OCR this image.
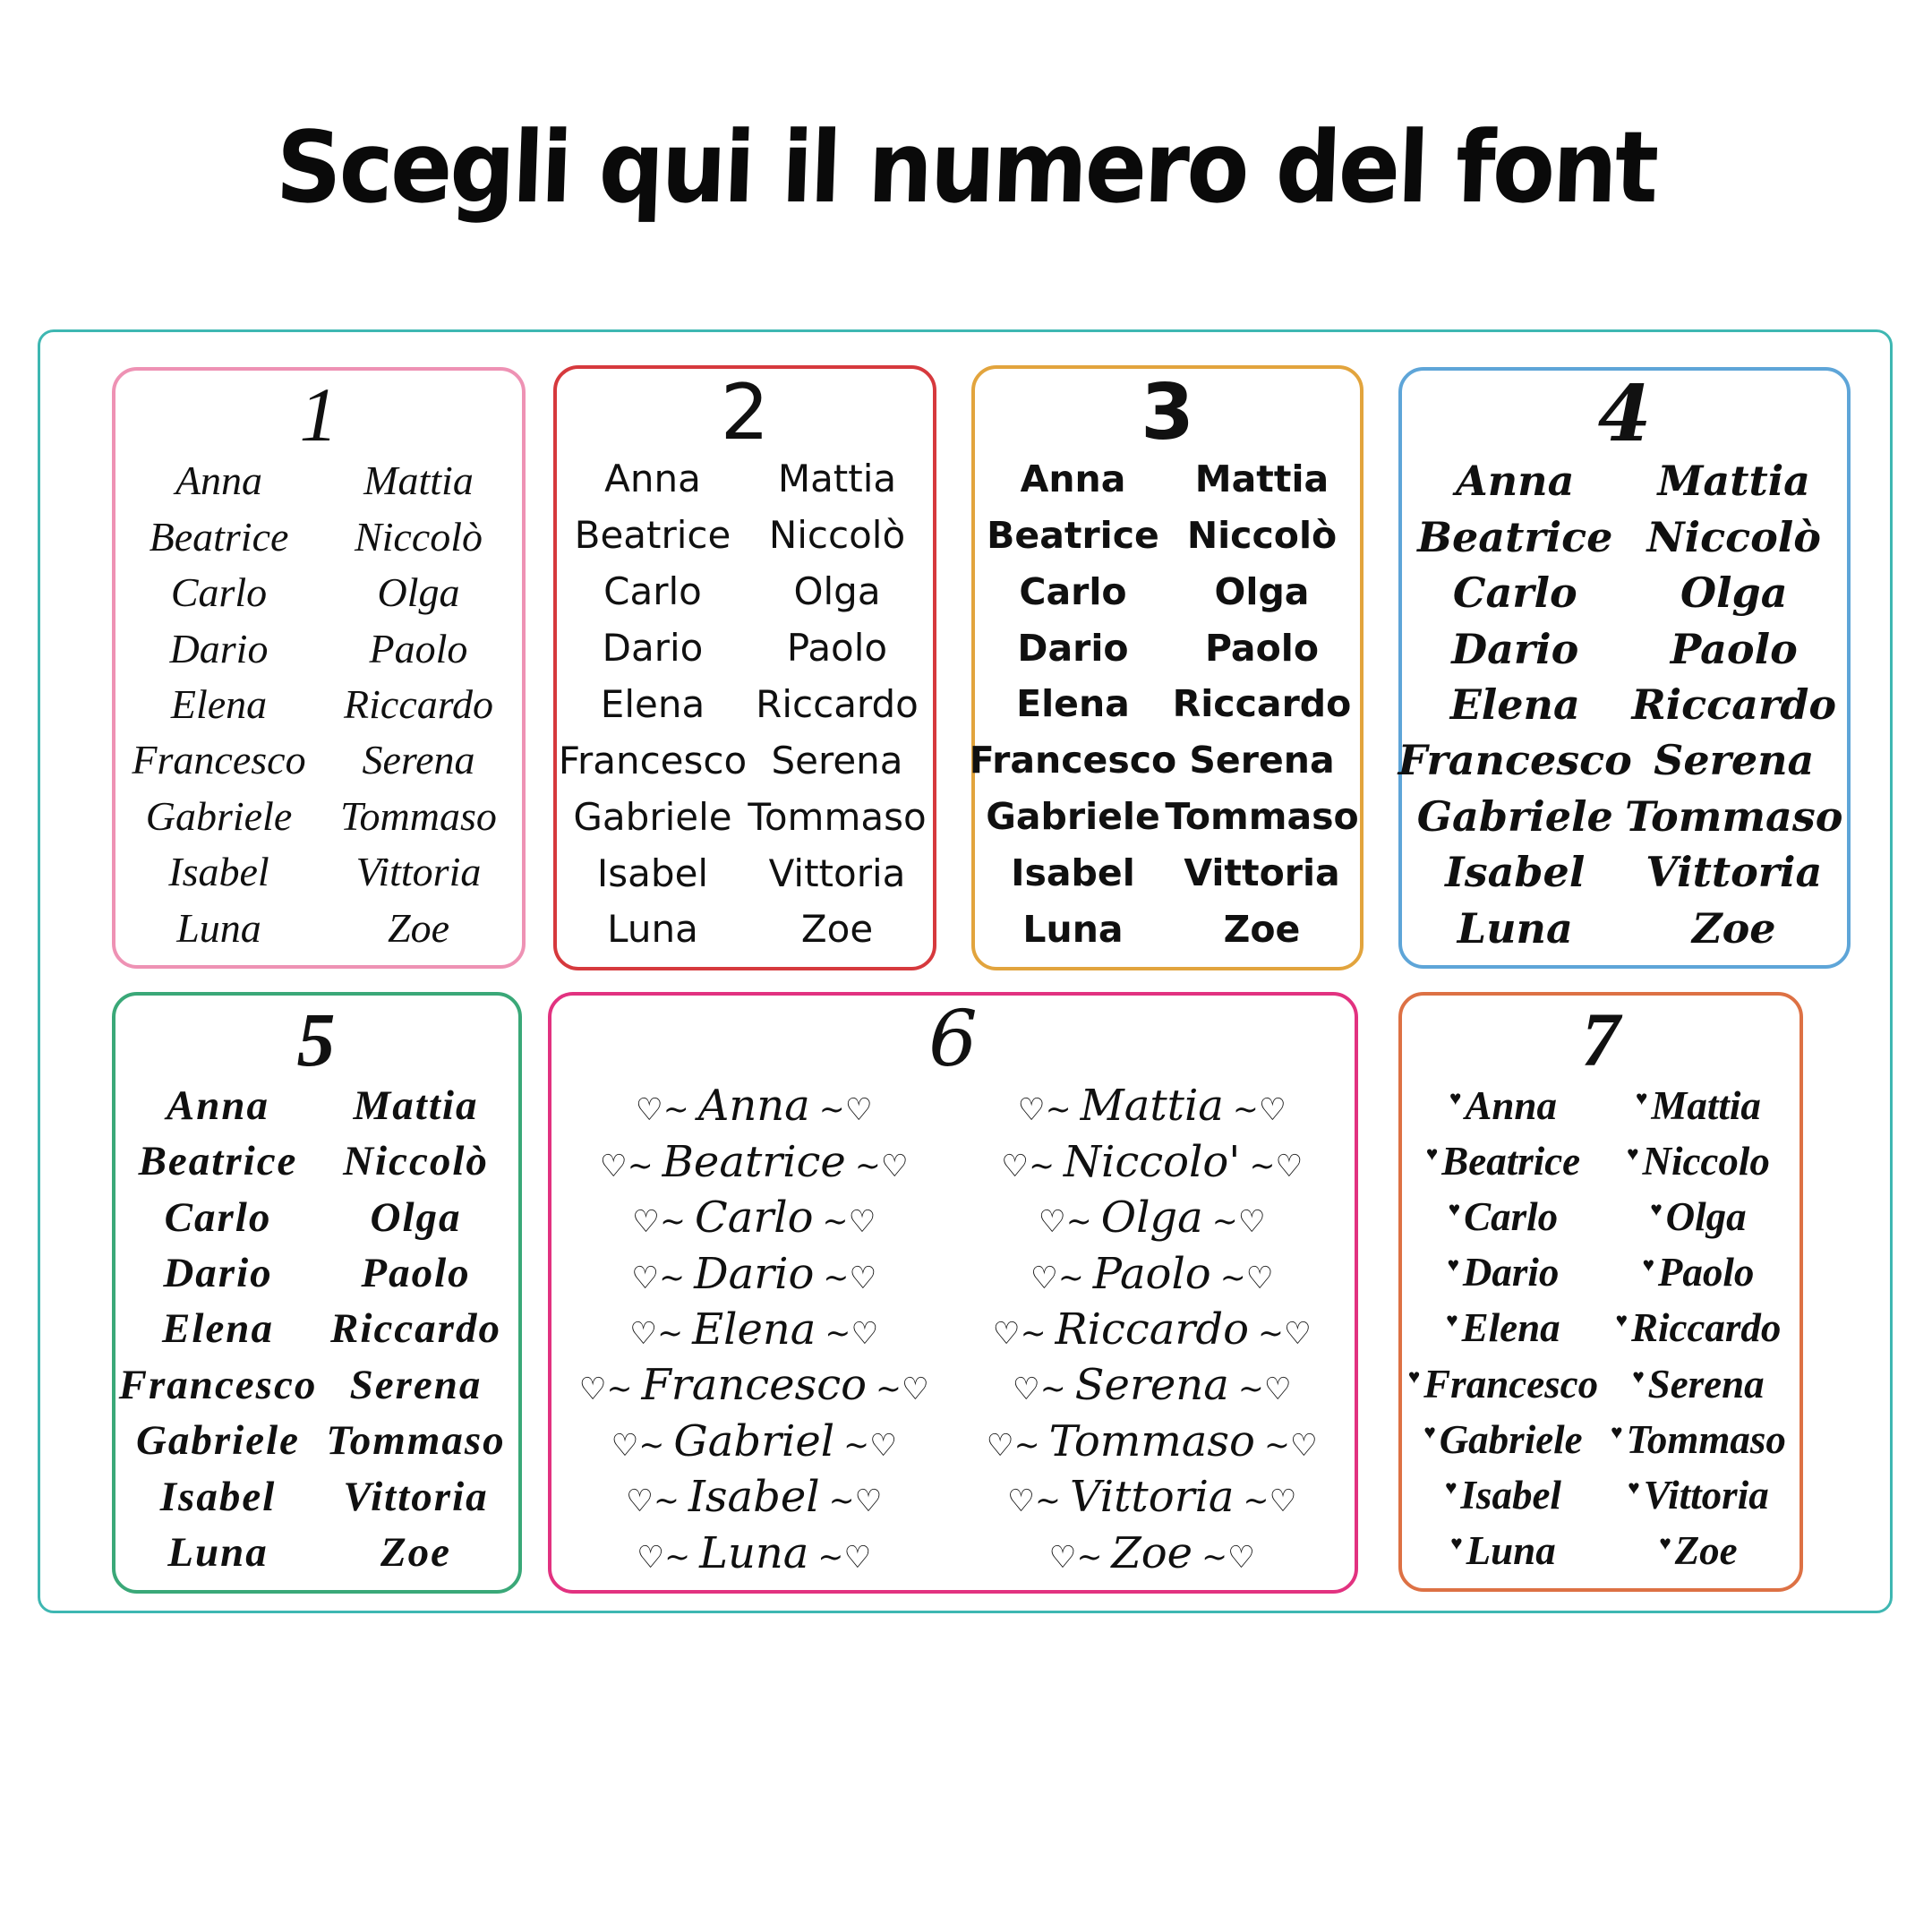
Scegli qui il numero del font
1
Anna
Beatrice
Carlo
Dario
Elena
Francesco
Gabriele
Isabel
Luna
Mattia
Niccolò
Olga
Paolo
Riccardo
Serena
Tommaso
Vittoria
Zoe
2
Anna
Beatrice
Carlo
Dario
Elena
Francesco
Gabriele
Isabel
Luna
Mattia
Niccolò
Olga
Paolo
Riccardo
Serena
Tommaso
Vittoria
Zoe
3
Anna
Beatrice
Carlo
Dario
Elena
Francesco
Gabriele
Isabel
Luna
Mattia
Niccolò
Olga
Paolo
Riccardo
Serena
Tommaso
Vittoria
Zoe
4
Anna
Beatrice
Carlo
Dario
Elena
Francesco
Gabriele
Isabel
Luna
Mattia
Niccolò
Olga
Paolo
Riccardo
Serena
Tommaso
Vittoria
Zoe
5
Anna
Beatrice
Carlo
Dario
Elena
Francesco
Gabriele
Isabel
Luna
Mattia
Niccolò
Olga
Paolo
Riccardo
Serena
Tommaso
Vittoria
Zoe
6
♡~ Anna ~♡
♡~ Beatrice ~♡
♡~ Carlo ~♡
♡~ Dario ~♡
♡~ Elena ~♡
♡~ Francesco ~♡
♡~ Gabriel ~♡
♡~ Isabel ~♡
♡~ Luna ~♡
♡~ Mattia ~♡
♡~ Niccolo' ~♡
♡~ Olga ~♡
♡~ Paolo ~♡
♡~ Riccardo ~♡
♡~ Serena ~♡
♡~ Tommaso ~♡
♡~ Vittoria ~♡
♡~ Zoe ~♡
7
♥ Anna
♥ Beatrice
♥ Carlo
♥ Dario
♥ Elena
♥ Francesco
♥ Gabriele
♥ Isabel
♥ Luna
♥ Mattia
♥ Niccolo
♥ Olga
♥ Paolo
♥ Riccardo
♥ Serena
♥ Tommaso
♥ Vittoria
♥ Zoe
